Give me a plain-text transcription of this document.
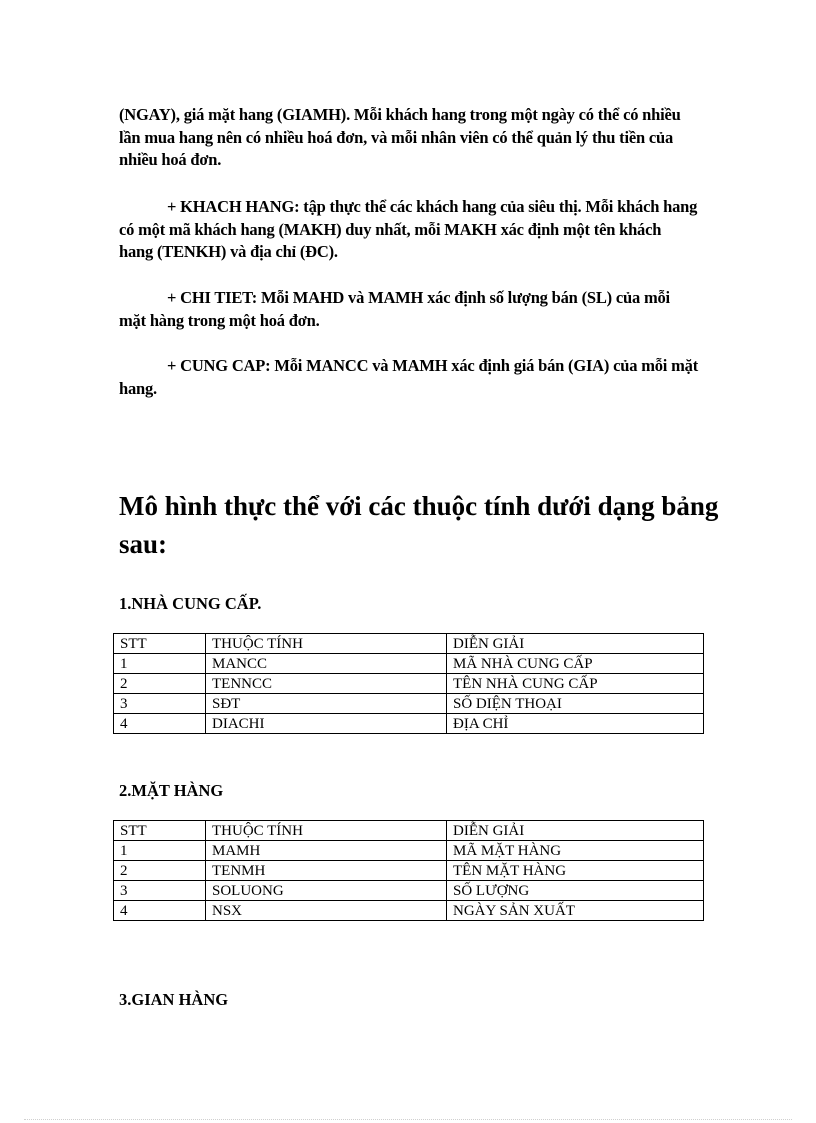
(NGAY), giá mặt hang (GIAMH). Mỗi khách hang trong một ngày có thể có nhiều lần mua hang nên có nhiều hoá đơn, và mỗi nhân viên có thể quản lý thu tiền của nhiều hoá đơn.

+ KHACH HANG: tập thực thể các khách hang của siêu thị. Mỗi khách hang có một mã khách hang (MAKH) duy nhất, mỗi MAKH xác định một tên khách hang (TENKH) và địa chỉ (ĐC).

+ CHI TIET: Mỗi MAHD và MAMH xác định số lượng bán (SL) của mỗi mặt hàng trong một hoá đơn.

+ CUNG CAP: Mỗi MANCC và MAMH xác định giá bán (GIA) của mỗi mặt hang.

Mô hình thực thể với các thuộc tính dưới dạng bảng sau:

1.NHÀ CUNG CẤP.

STT	THUỘC TÍNH	DIỄN GIẢI
1	MANCC	MÃ NHÀ CUNG CẤP
2	TENNCC	TÊN NHÀ CUNG CẤP
3	SĐT	SỐ DIỆN THOẠI
4	DIACHI	ĐỊA CHỈ

2.MẶT HÀNG

STT	THUỘC TÍNH	DIỄN GIẢI
1	MAMH	MÃ MẶT HÀNG
2	TENMH	TÊN MẶT HÀNG
3	SOLUONG	SỐ LƯỢNG
4	NSX	NGÀY SẢN XUẤT

3.GIAN HÀNG
